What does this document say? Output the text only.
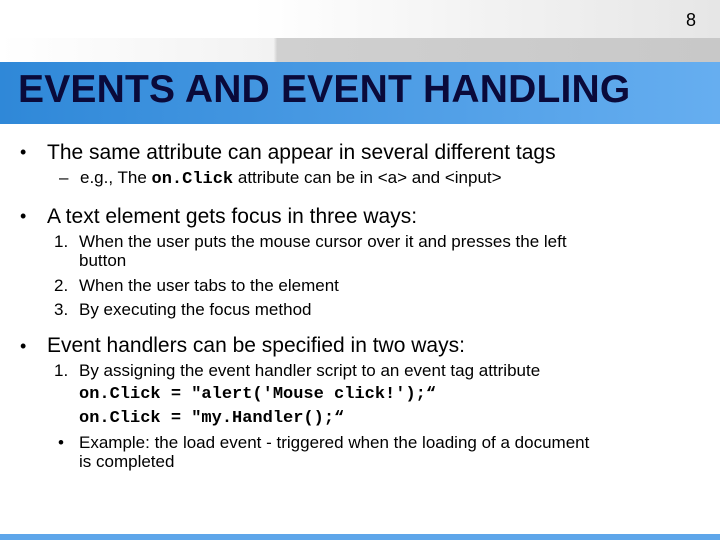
8
EVENTS AND EVENT HANDLING
• The same attribute can appear in several different tags
– e.g., The on.Click attribute can be in <a> and <input>
• A text element gets focus in three ways:
1. When the user puts the mouse cursor over it and presses the left
button
2. When the user tabs to the element
3. By executing the focus method
• Event handlers can be specified in two ways:
1. By assigning the event handler script to an event tag attribute
on.Click = "alert('Mouse click!');“
on.Click = "my.Handler();“
• Example: the load event - triggered when the loading of a document
is completed
